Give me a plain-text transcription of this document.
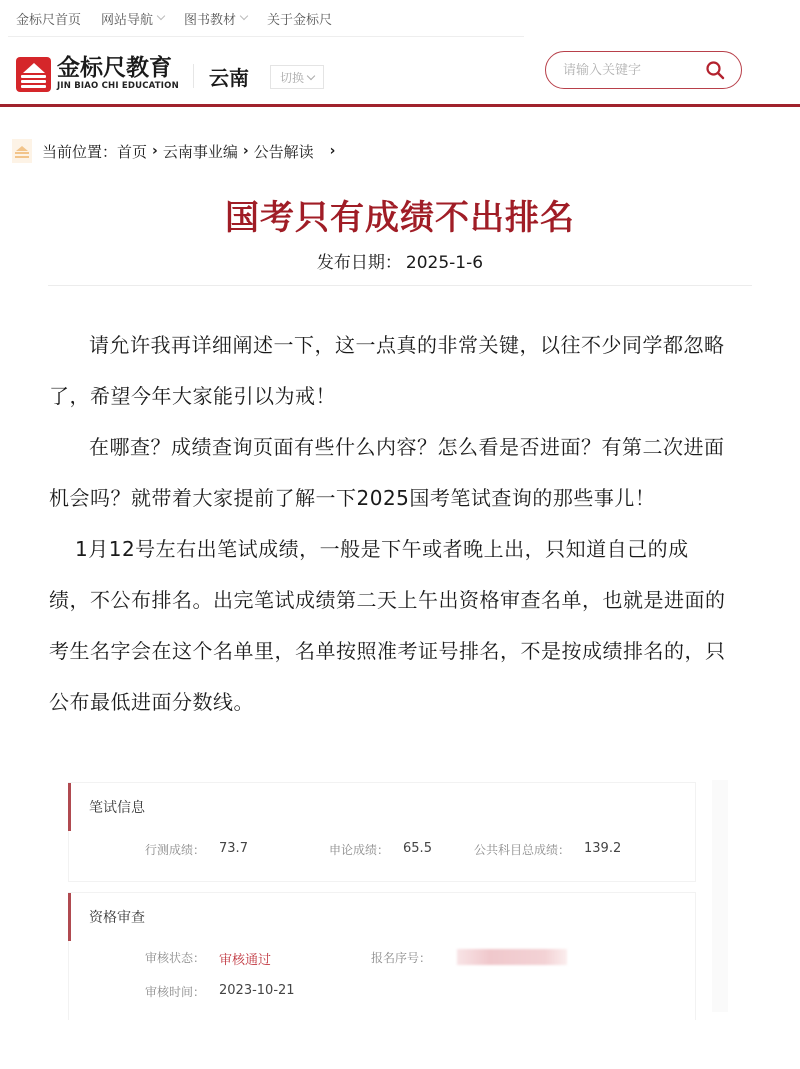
金标尺首页 网站导航 图书教材 关于金标尺
金标尺教育
JIN BIAO CHI EDUCATION 云南	切换
请输入关键字
当前位置： 首页 › 云南事业编 › 公告解读 ›
国考只有成绩不出排名
发布日期： 2025-1-6

请允许我再详细阐述一下，这一点真的非常关键，以往不少同学都忽略了，希望今年大家能引以为戒！

在哪查？成绩查询页面有些什么内容？怎么看是否进面？有第二次进面机会吗？就带着大家提前了解一下2025国考笔试查询的那些事儿！

1月12号左右出笔试成绩，一般是下午或者晚上出，只知道自己的成绩，不公布排名。出完笔试成绩第二天上午出资格审查名单，也就是进面的考生名字会在这个名单里，名单按照准考证号排名，不是按成绩排名的，只公布最低进面分数线。

笔试信息
行测成绩： 73.7	申论成绩： 65.5	公共科目总成绩： 139.2
资格审查
审核状态： 审核通过	报名序号：
审核时间： 2023-10-21
